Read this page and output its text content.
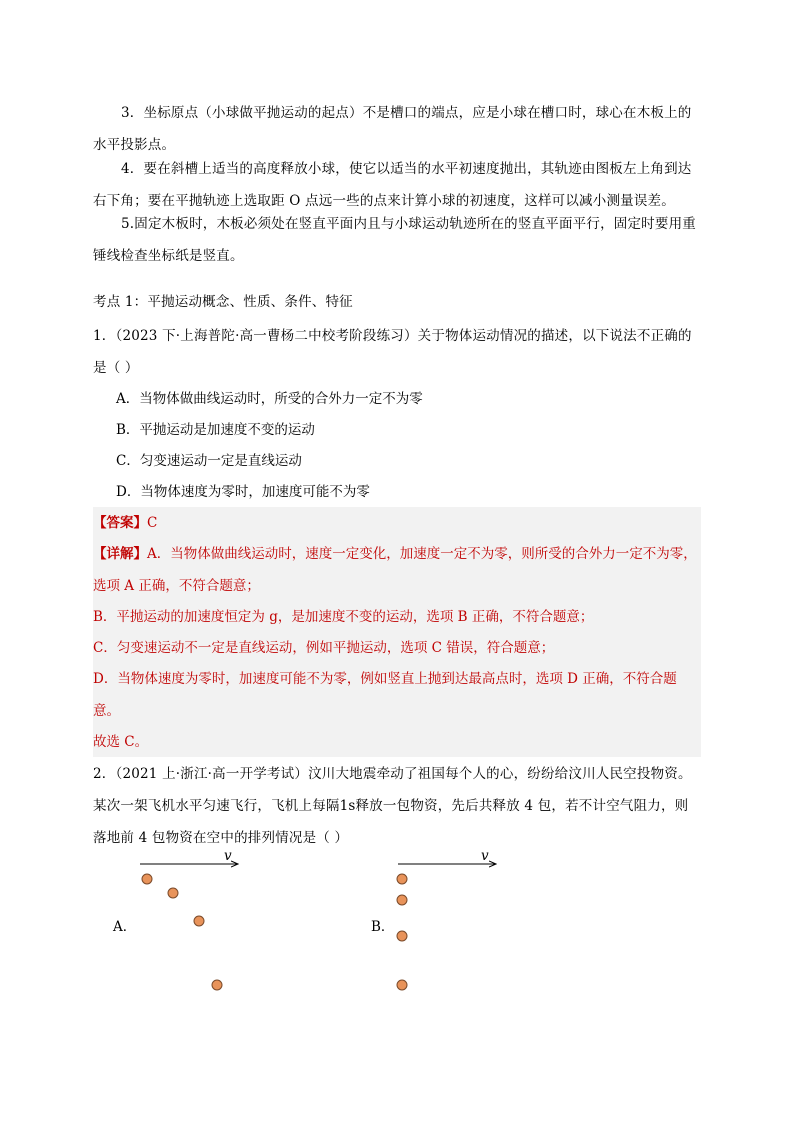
3．坐标原点（小球做平抛运动的起点）不是槽口的端点，应是小球在槽口时，球心在木板上的水平投影点。
4．要在斜槽上适当的高度释放小球，使它以适当的水平初速度抛出，其轨迹由图板左上角到达右下角；要在平抛轨迹上选取距 O 点远一些的点来计算小球的初速度，这样可以减小测量误差。
5.固定木板时，木板必须处在竖直平面内且与小球运动轨迹所在的竖直平面平行，固定时要用重锤线检查坐标纸是竖直。
考点 1：平抛运动概念、性质、条件、特征
1．（2023 下·上海普陀·高一曹杨二中校考阶段练习）关于物体运动情况的描述，以下说法不正确的是（ ）
A．当物体做曲线运动时，所受的合外力一定不为零
B．平抛运动是加速度不变的运动
C．匀变速运动一定是直线运动
D．当物体速度为零时，加速度可能不为零
【答案】C
【详解】A．当物体做曲线运动时，速度一定变化，加速度一定不为零，则所受的合外力一定不为零，选项 A 正确，不符合题意；
B．平抛运动的加速度恒定为 g，是加速度不变的运动，选项 B 正确，不符合题意；
C．匀变速运动不一定是直线运动，例如平抛运动，选项 C 错误，符合题意；
D．当物体速度为零时，加速度可能不为零，例如竖直上抛到达最高点时，选项 D 正确，不符合题意。
故选 C。
2．（2021 上·浙江·高一开学考试）汶川大地震牵动了祖国每个人的心，纷纷给汶川人民空投物资。某次一架飞机水平匀速飞行，飞机上每隔1s释放一包物资，先后共释放 4 包，若不计空气阻力，则落地前 4 包物资在空中的排列情况是（ ）
v	v
A．	B．
